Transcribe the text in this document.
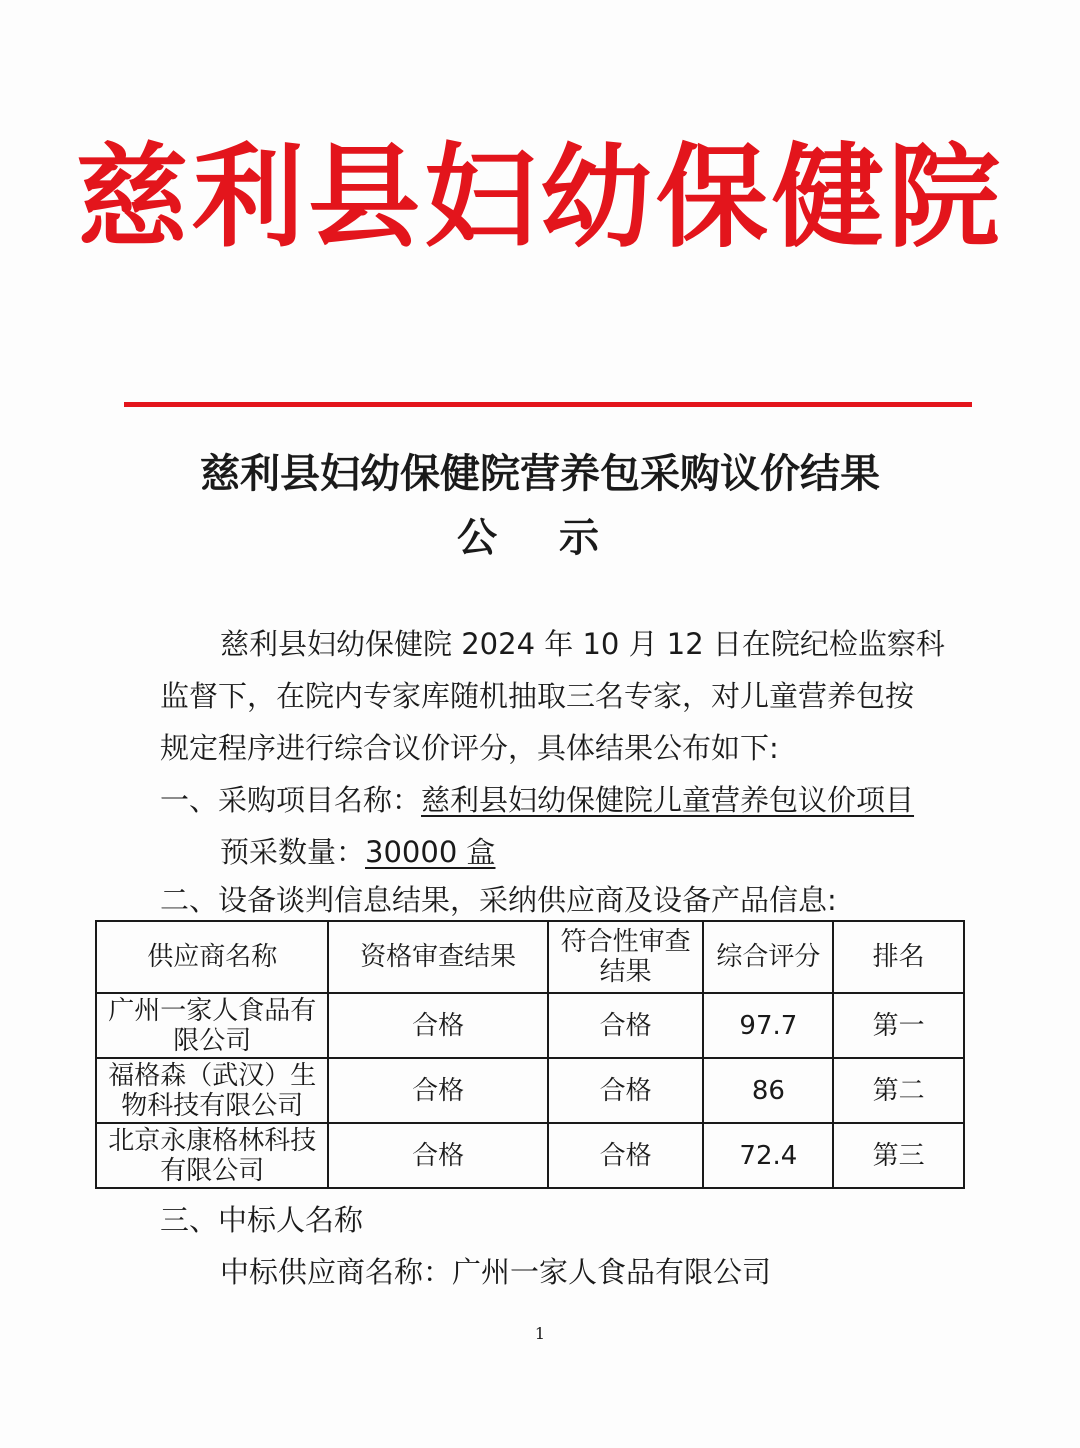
慈利县妇幼保健院
慈利县妇幼保健院营养包采购议价结果
公 示
慈利县妇幼保健院 2024 年 10 月 12 日在院纪检监察科
监督下，在院内专家库随机抽取三名专家，对儿童营养包按
规定程序进行综合议价评分，具体结果公布如下:
一、采购项目名称：慈利县妇幼保健院儿童营养包议价项目
预采数量：30000 盒
二、设备谈判信息结果，采纳供应商及设备产品信息:
供应商名称	资格审查结果	符合性审查结果	综合评分	排名
广州一家人食品有限公司	合格	合格	97.7	第一
福格森（武汉）生物科技有限公司	合格	合格	86	第二
北京永康格林科技有限公司	合格	合格	72.4	第三
三、中标人名称
中标供应商名称：广州一家人食品有限公司
1
